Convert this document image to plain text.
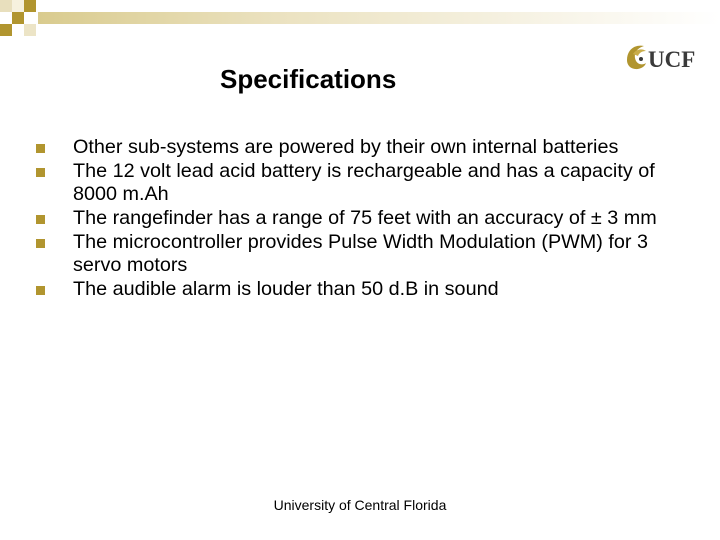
Specifications
UCF
Other sub-systems are powered by their own internal batteries
The 12 volt lead acid battery is rechargeable and has a capacity of 8000 m.Ah
The rangefinder has a range of 75 feet with an accuracy of ± 3 mm
The microcontroller provides Pulse Width Modulation (PWM) for 3 servo motors
The audible alarm is louder than 50 d.B in sound
University of Central Florida
